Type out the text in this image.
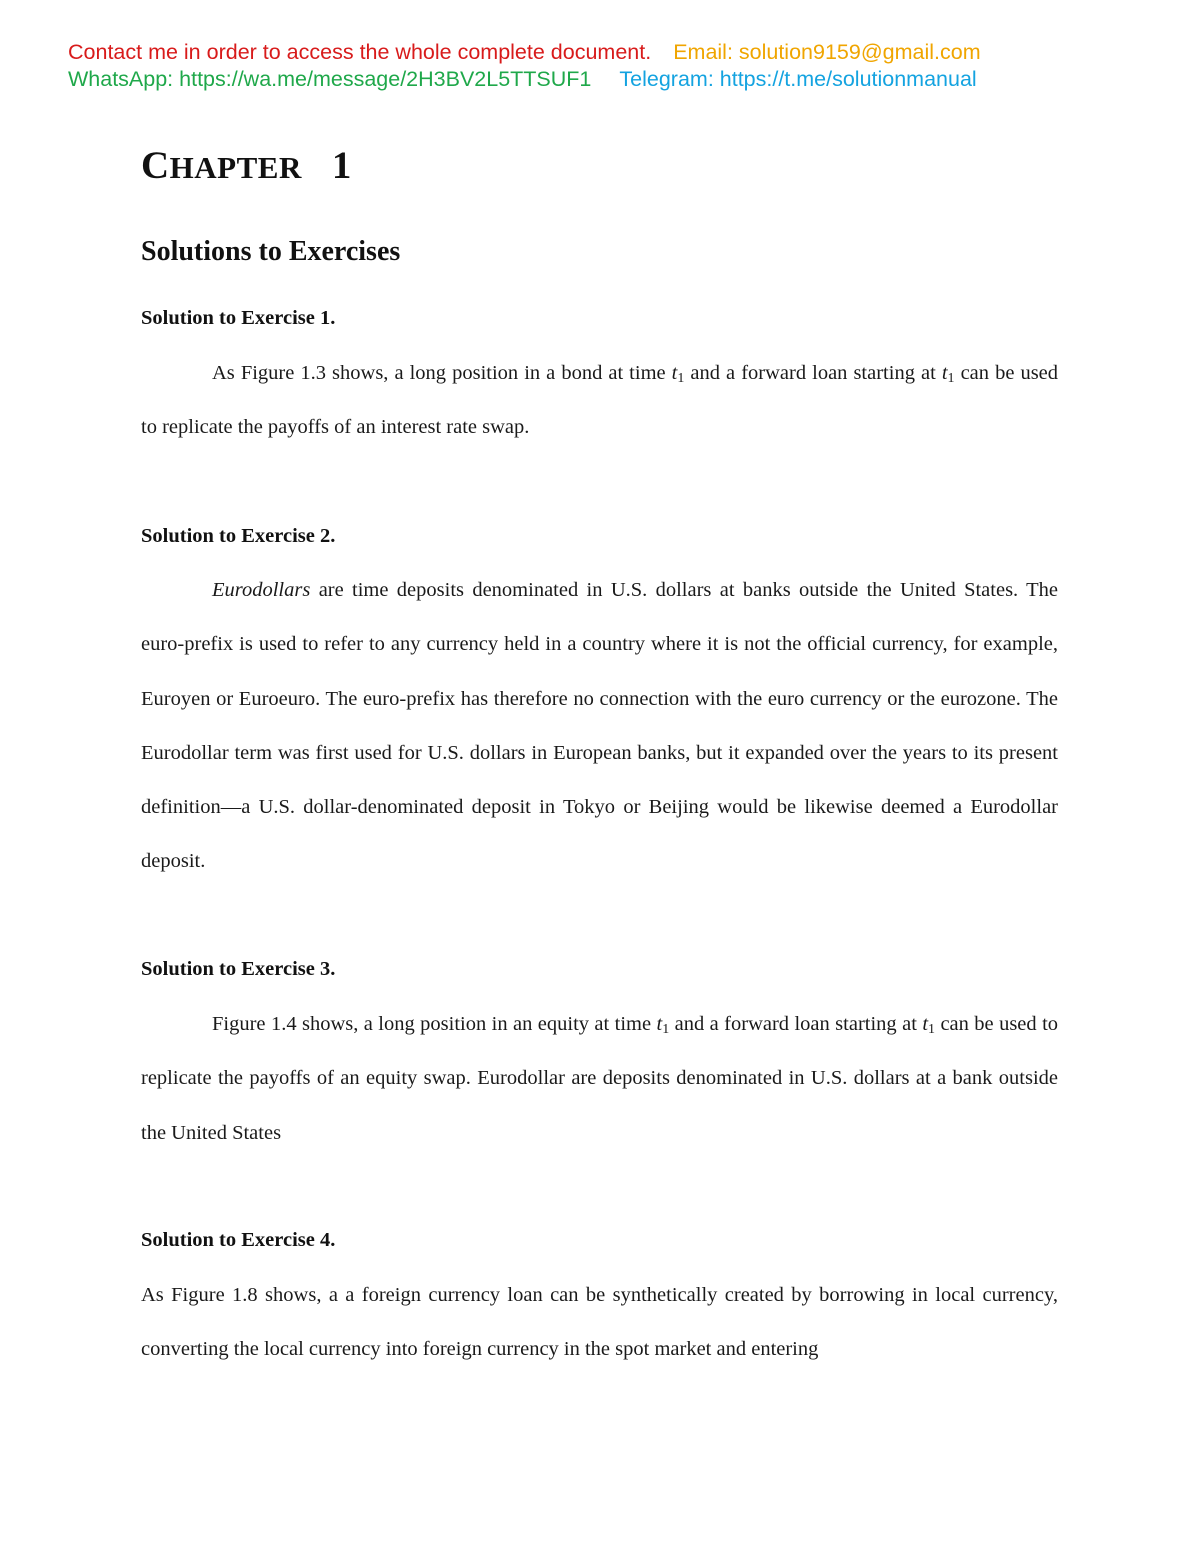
Contact me in order to access the whole complete document. Email: solution9159@gmail.com
WhatsApp: https://wa.me/message/2H3BV2L5TTSUF1 Telegram: https://t.me/solutionmanual
CHAPTER 1
Solutions to Exercises
Solution to Exercise 1.
As Figure 1.3 shows, a long position in a bond at time $t_1$ and a forward loan starting at $t_1$ can be used to replicate the payoffs of an interest rate swap.
Solution to Exercise 2.
Eurodollars are time deposits denominated in U.S. dollars at banks outside the United States. The euro-prefix is used to refer to any currency held in a country where it is not the official currency, for example, Euroyen or Euroeuro. The euro-prefix has therefore no connection with the euro currency or the eurozone. The Eurodollar term was first used for U.S. dollars in European banks, but it expanded over the years to its present definition—a U.S. dollar-denominated deposit in Tokyo or Beijing would be likewise deemed a Eurodollar deposit.
Solution to Exercise 3.
Figure 1.4 shows, a long position in an equity at time $t_1$ and a forward loan starting at $t_1$ can be used to replicate the payoffs of an equity swap. Eurodollar are deposits denominated in U.S. dollars at a bank outside the United States
Solution to Exercise 4.
As Figure 1.8 shows, a a foreign currency loan can be synthetically created by borrowing in local currency, converting the local currency into foreign currency in the spot market and entering
